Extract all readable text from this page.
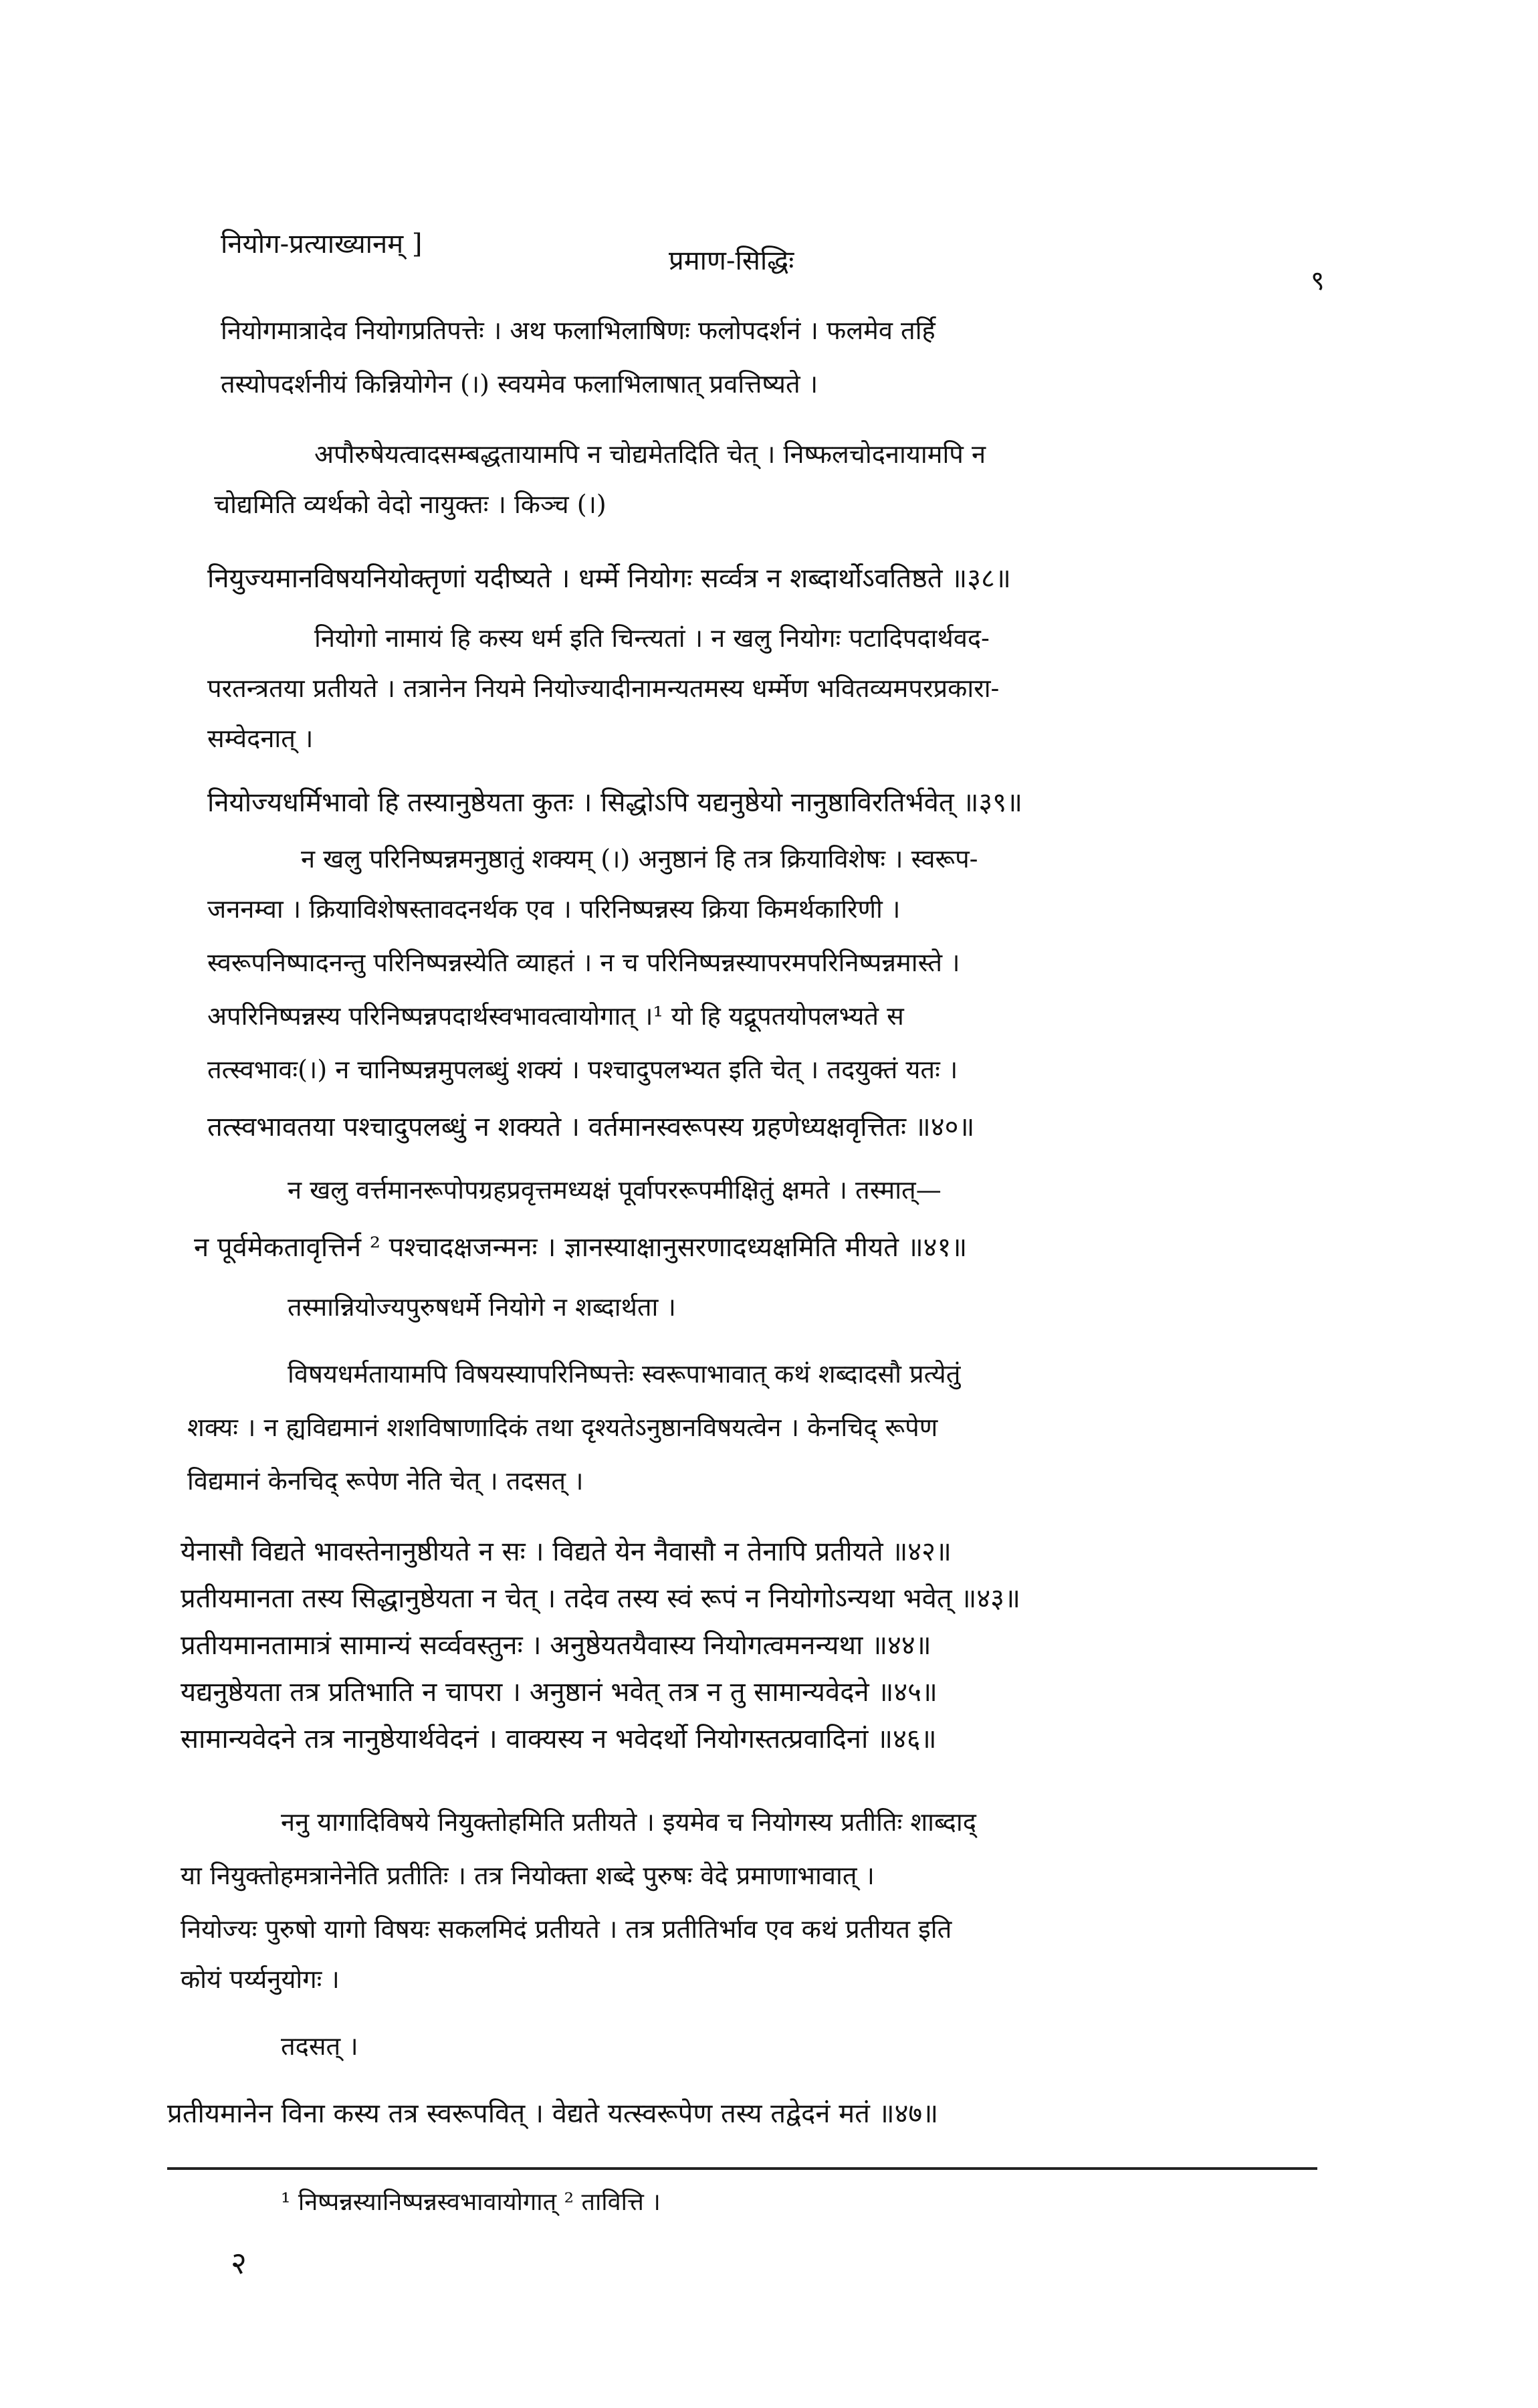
नियोग-प्रत्याख्यानम् ]
प्रमाण-सिद्धिः
९
नियोगमात्रादेव नियोगप्रतिपत्तेः । अथ फलाभिलाषिणः फलोपदर्शनं । फलमेव तर्हि
तस्योपदर्शनीयं किन्नियोगेन (।) स्वयमेव फलाभिलाषात् प्रवत्तिष्यते ।
अपौरुषेयत्वादसम्बद्धतायामपि न चोद्यमेतदिति चेत् । निष्फलचोदनायामपि न
चोद्यमिति व्यर्थको वेदो नायुक्तः । किञ्च (।)
नियुज्यमानविषयनियोक्तृणां यदीष्यते । धर्म्मे नियोगः सर्व्वत्र न शब्दार्थोऽवतिष्ठते ॥३८॥
नियोगो नामायं हि कस्य धर्म इति चिन्त्यतां । न खलु नियोगः पटादिपदार्थवद-
परतन्त्रतया प्रतीयते । तत्रानेन नियमे नियोज्यादीनामन्यतमस्य धर्म्मेण भवितव्यमपरप्रकारा-
सम्वेदनात् ।
नियोज्यधर्मिभावो हि तस्यानुष्ठेयता कुतः । सिद्धोऽपि यद्यनुष्ठेयो नानुष्ठाविरतिर्भवेत् ॥३९॥
न खलु परिनिष्पन्नमनुष्ठातुं शक्यम् (।) अनुष्ठानं हि तत्र क्रियाविशेषः । स्वरूप-
जननम्वा । क्रियाविशेषस्तावदनर्थक एव । परिनिष्पन्नस्य क्रिया किमर्थकारिणी ।
स्वरूपनिष्पादनन्तु परिनिष्पन्नस्येति व्याहतं । न च परिनिष्पन्नस्यापरमपरिनिष्पन्नमास्ते ।
अपरिनिष्पन्नस्य परिनिष्पन्नपदार्थस्वभावत्वायोगात् ।¹ यो हि यद्रूपतयोपलभ्यते स
तत्स्वभावः(।) न चानिष्पन्नमुपलब्धुं शक्यं । पश्चादुपलभ्यत इति चेत् । तदयुक्तं यतः ।
तत्स्वभावतया पश्चादुपलब्धुं न शक्यते । वर्तमानस्वरूपस्य ग्रहणेध्यक्षवृत्तितः ॥४०॥
न खलु वर्त्तमानरूपोपग्रहप्रवृत्तमध्यक्षं पूर्वापररूपमीक्षितुं क्षमते । तस्मात्—
न पूर्वमेकतावृत्तिर्न ² पश्चादक्षजन्मनः । ज्ञानस्याक्षानुसरणादध्यक्षमिति मीयते ॥४१॥
तस्मान्नियोज्यपुरुषधर्मे नियोगे न शब्दार्थता ।
विषयधर्मतायामपि विषयस्यापरिनिष्पत्तेः स्वरूपाभावात् कथं शब्दादसौ प्रत्येतुं
शक्यः । न ह्यविद्यमानं शशविषाणादिकं तथा दृश्यतेऽनुष्ठानविषयत्वेन । केनचिद् रूपेण
विद्यमानं केनचिद् रूपेण नेति चेत् । तदसत् ।
येनासौ विद्यते भावस्तेनानुष्ठीयते न सः । विद्यते येन नैवासौ न तेनापि प्रतीयते ॥४२॥
प्रतीयमानता तस्य सिद्धानुष्ठेयता न चेत् । तदेव तस्य स्वं रूपं न नियोगोऽन्यथा भवेत् ॥४३॥
प्रतीयमानतामात्रं सामान्यं सर्व्ववस्तुनः । अनुष्ठेयतयैवास्य नियोगत्वमनन्यथा ॥४४॥
यद्यनुष्ठेयता तत्र प्रतिभाति न चापरा । अनुष्ठानं भवेत् तत्र न तु सामान्यवेदने ॥४५॥
सामान्यवेदने तत्र नानुष्ठेयार्थवेदनं । वाक्यस्य न भवेदर्थो नियोगस्तत्प्रवादिनां ॥४६॥
ननु यागादिविषये नियुक्तोहमिति प्रतीयते । इयमेव च नियोगस्य प्रतीतिः शाब्दाद्
या नियुक्तोहमत्रानेनेति प्रतीतिः । तत्र नियोक्ता शब्दे पुरुषः वेदे प्रमाणाभावात् ।
नियोज्यः पुरुषो यागो विषयः सकलमिदं प्रतीयते । तत्र प्रतीतिर्भाव एव कथं प्रतीयत इति
कोयं पर्य्यनुयोगः ।
तदसत् ।
प्रतीयमानेन विना कस्य तत्र स्वरूपवित् । वेद्यते यत्स्वरूपेण तस्य तद्वेदनं मतं ॥४७॥
¹ निष्पन्नस्यानिष्पन्नस्वभावायोगात् ² तावित्ति ।
२
